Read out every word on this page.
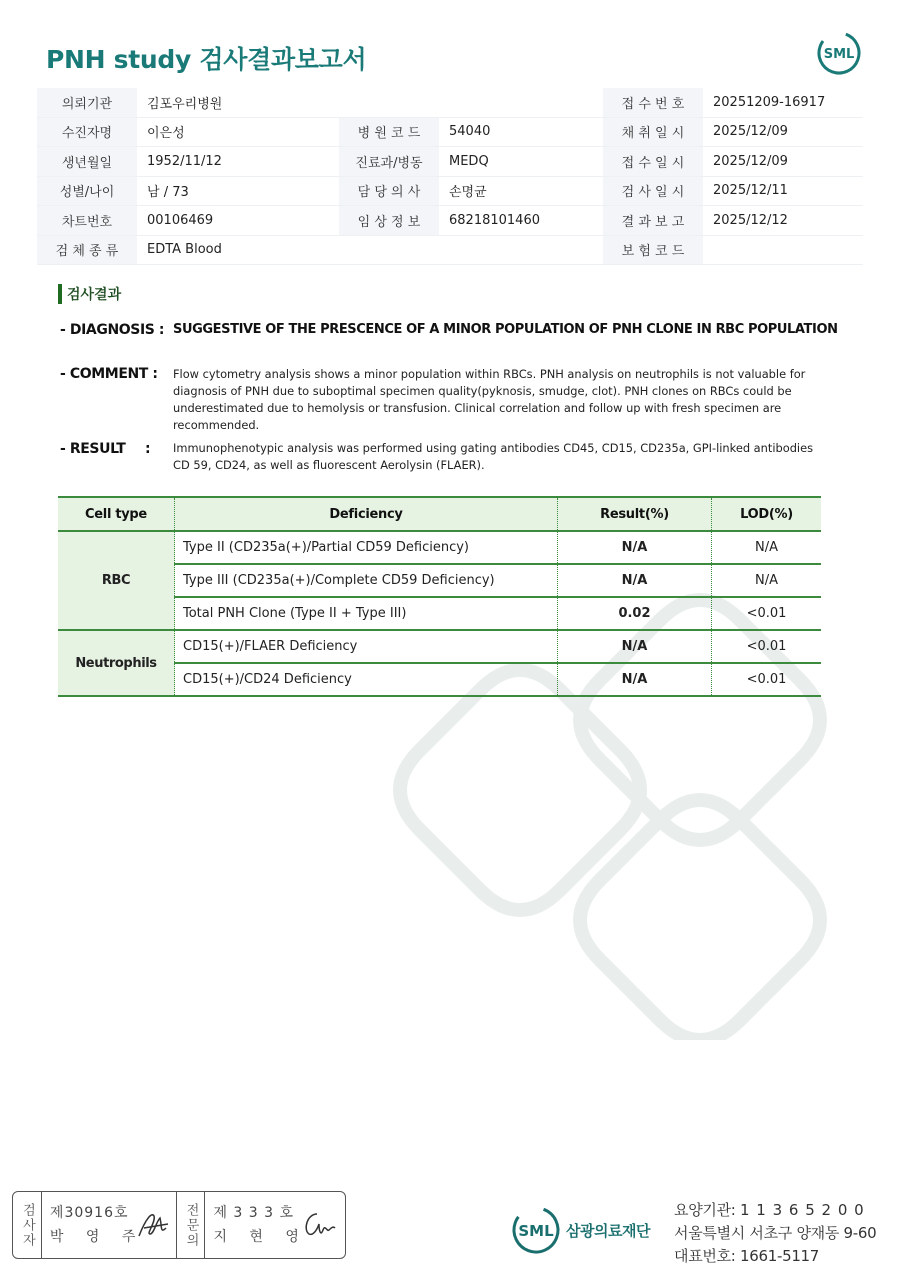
PNH study 검사결과보고서	SML
의뢰기관	김포우리병원			접 수 번 호	20251209-16917
수진자명	이은성	병 원 코 드	54040	채 취 일 시	2025/12/09
생년월일	1952/11/12	진료과/병동	MEDQ	접 수 일 시	2025/12/09
성별/나이	남 / 73	담 당 의 사	손명균	검 사 일 시	2025/12/11
차트번호	00106469	임 상 정 보	68218101460	결 과 보 고	2025/12/12
검 체 종 류	EDTA Blood			보 험 코 드	
검사결과
- DIAGNOSIS : SUGGESTIVE OF THE PRESCENCE OF A MINOR POPULATION OF PNH CLONE IN RBC POPULATION
- COMMENT : Flow cytometry analysis shows a minor population within RBCs. PNH analysis on neutrophils is not valuable for diagnosis of PNH due to suboptimal specimen quality(pyknosis, smudge, clot). PNH clones on RBCs could be underestimated due to hemolysis or transfusion. Clinical correlation and follow up with fresh specimen are recommended.
- RESULT : Immunophenotypic analysis was performed using gating antibodies CD45, CD15, CD235a, GPI-linked antibodies CD 59, CD24, as well as fluorescent Aerolysin (FLAER).
Cell type	Deficiency	Result(%)	LOD(%)
RBC	Type II (CD235a(+)/Partial CD59 Deficiency)	N/A	N/A
	Type III (CD235a(+)/Complete CD59 Deficiency)	N/A	N/A
	Total PNH Clone (Type II + Type III)	0.02	<0.01
Neutrophils	CD15(+)/FLAER Deficiency	N/A	<0.01
	CD15(+)/CD24 Deficiency	N/A	<0.01
검사자 제30916호
박 영 주	전문의 제 3 3 3 호
지 현 영	SML 삼광의료재단
요양기관: 1 1 3 6 5 2 0 0
서울특별시 서초구 양재동 9-60
대표번호: 1661-5117
